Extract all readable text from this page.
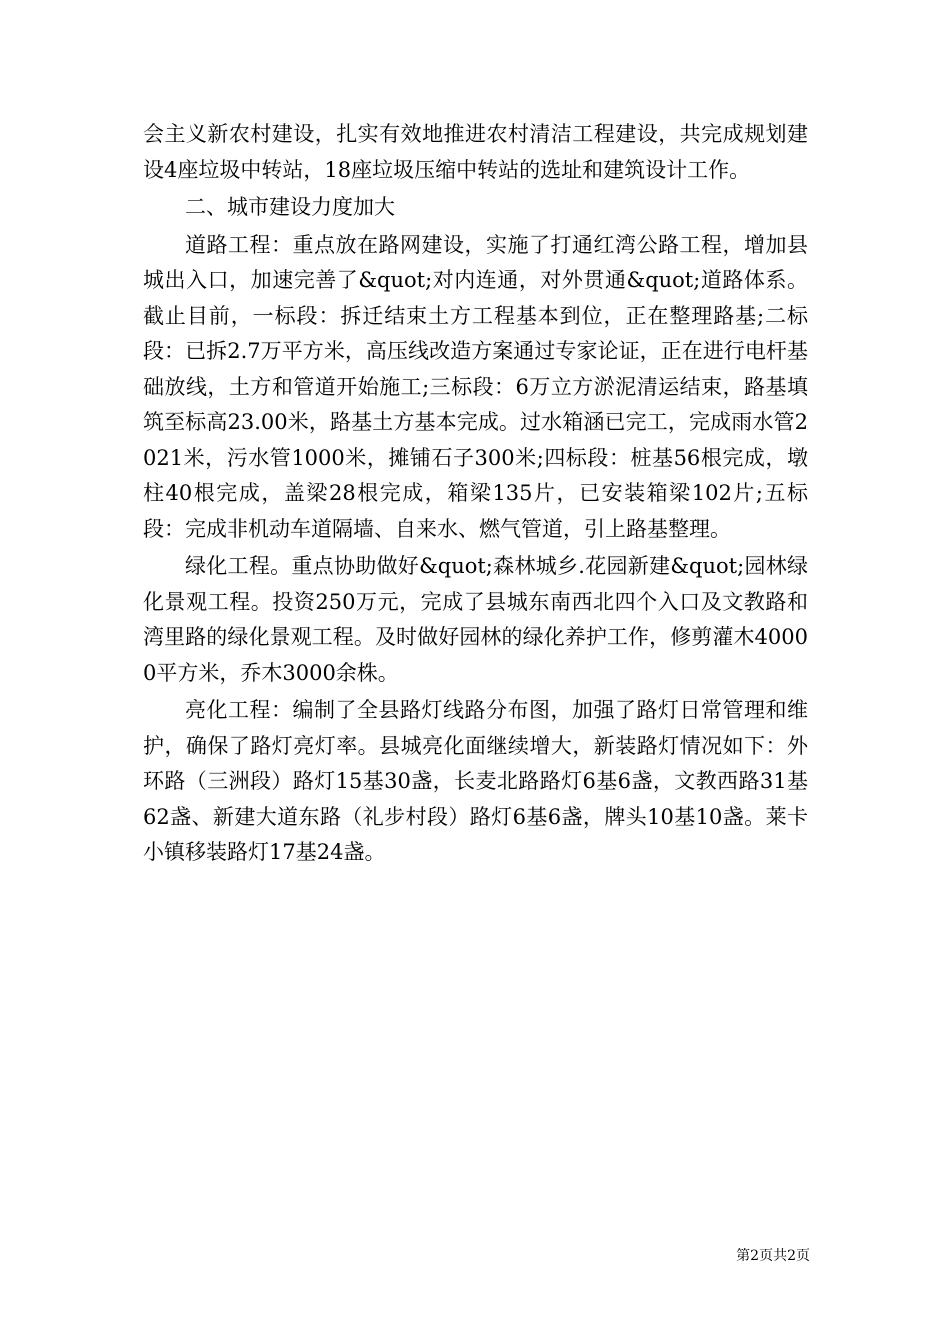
会主义新农村建设，扎实有效地推进农村清洁工程建设，共完成规划建设4座垃圾中转站，18座垃圾压缩中转站的选址和建筑设计工作。

二、城市建设力度加大

道路工程：重点放在路网建设，实施了打通红湾公路工程，增加县城出入口，加速完善了&quot;对内连通，对外贯通&quot;道路体系。截止目前，一标段：拆迁结束土方工程基本到位，正在整理路基;二标段：已拆2.7万平方米，高压线改造方案通过专家论证，正在进行电杆基础放线，土方和管道开始施工;三标段：6万立方淤泥清运结束，路基填筑至标高23.00米，路基土方基本完成。过水箱涵已完工，完成雨水管2021米，污水管1000米，摊铺石子300米;四标段：桩基56根完成，墩柱40根完成，盖梁28根完成，箱梁135片，已安装箱梁102片;五标段：完成非机动车道隔墙、自来水、燃气管道，引上路基整理。

绿化工程。重点协助做好&quot;森林城乡.花园新建&quot;园林绿化景观工程。投资250万元，完成了县城东南西北四个入口及文教路和湾里路的绿化景观工程。及时做好园林的绿化养护工作，修剪灌木40000平方米，乔木3000余株。

亮化工程：编制了全县路灯线路分布图，加强了路灯日常管理和维护，确保了路灯亮灯率。县城亮化面继续增大，新装路灯情况如下：外环路（三洲段）路灯15基30盏，长麦北路路灯6基6盏，文教西路31基62盏、新建大道东路（礼步村段）路灯6基6盏，牌头10基10盏。莱卡小镇移装路灯17基24盏。

第2页共2页
